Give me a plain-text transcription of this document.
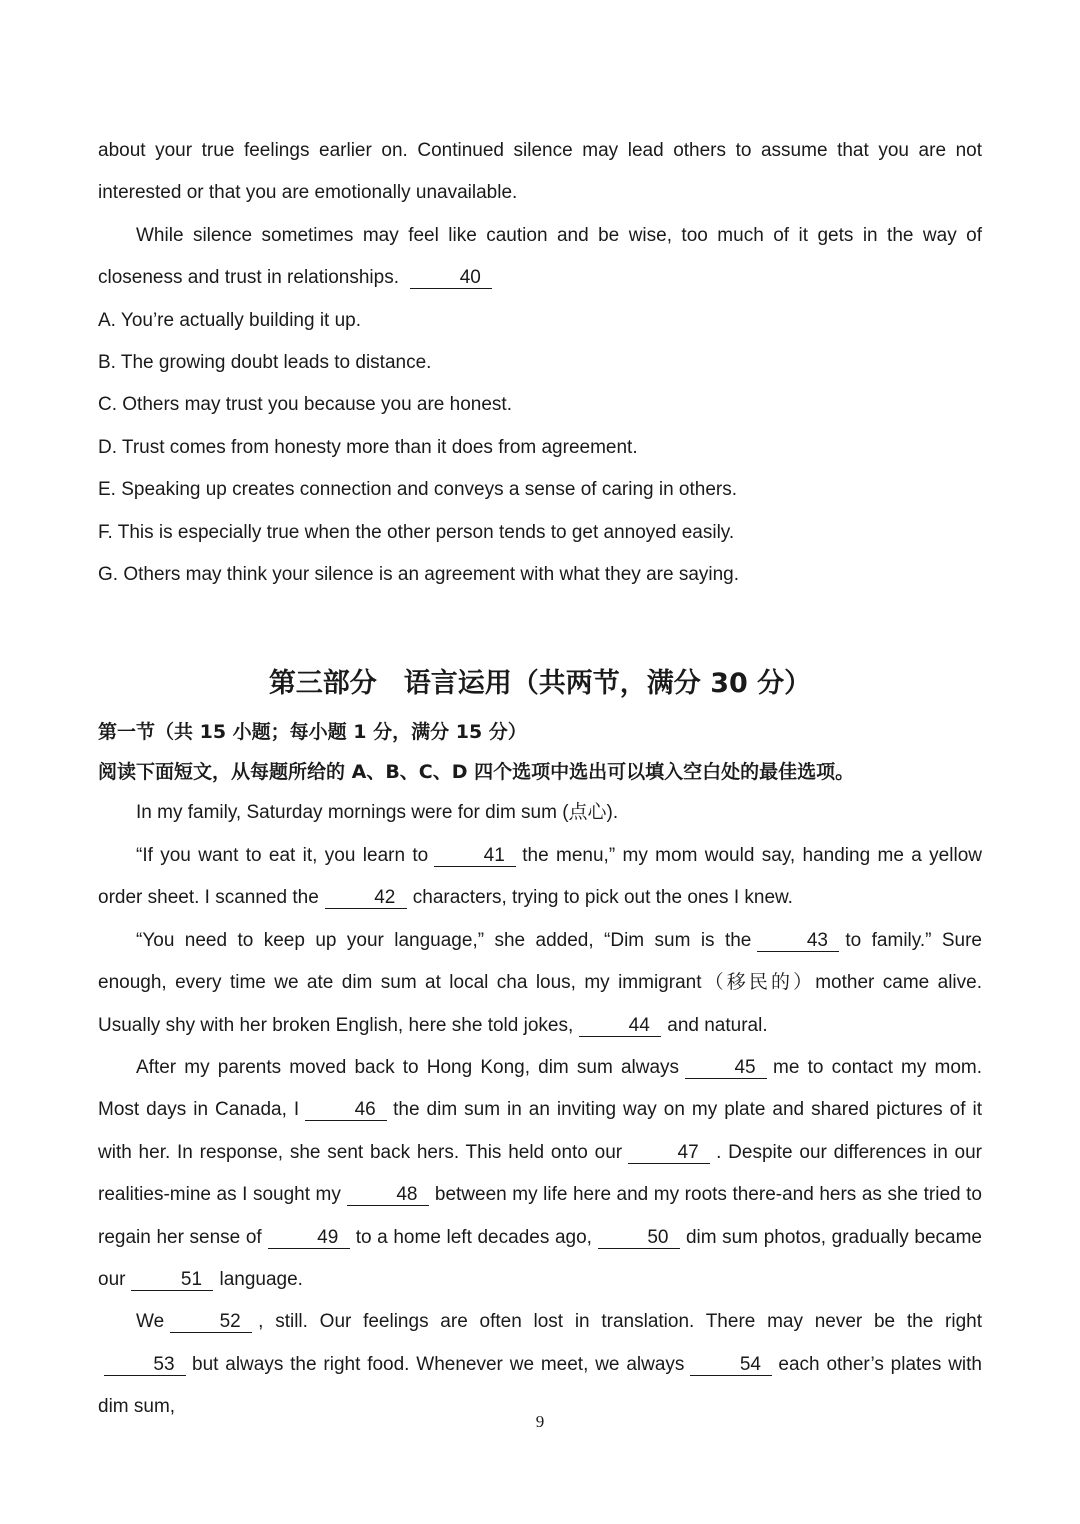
about your true feelings earlier on. Continued silence may lead others to assume that you are not interested or that you are emotionally unavailable.

While silence sometimes may feel like caution and be wise, too much of it gets in the way of closeness and trust in relationships.	40

A. You’re actually building it up.

B. The growing doubt leads to distance.

C. Others may trust you because you are honest.

D. Trust comes from honesty more than it does from agreement.

E. Speaking up creates connection and conveys a sense of caring in others.

F. This is especially true when the other person tends to get annoyed easily.

G. Others may think your silence is an agreement with what they are saying.

第三部分　语言运用（共两节，满分 30 分）
第一节（共 15 小题；每小题 1 分，满分 15 分）
阅读下面短文，从每题所给的 A、B、C、D 四个选项中选出可以填入空白处的最佳选项。

In my family, Saturday mornings were for dim sum (点心).

“If you want to eat it, you learn to	41 the menu,” my mom would say, handing me a yellow order sheet. I scanned the	42 characters, trying to pick out the ones I knew.

“You need to keep up your language,” she added, “Dim sum is the	43 to family.” Sure enough, every time we ate dim sum at local cha lous, my immigrant（移民的）mother came alive. Usually shy with her broken English, here she told jokes,	44 and natural.

After my parents moved back to Hong Kong, dim sum always	45 me to contact my mom. Most days in Canada, I	46 the dim sum in an inviting way on my plate and shared pictures of it with her. In response, she sent back hers. This held onto our	47 . Despite our differences in our realities-mine as I sought my	48 between my life here and my roots there-and hers as she tried to regain her sense of	49 to a home left decades ago,	50 dim sum photos, gradually became our	51 language.

We	52 , still. Our feelings are often lost in translation. There may never be the right53 but always the right food. Whenever we meet, we always	54 each other’s plates with dim sum,

9
